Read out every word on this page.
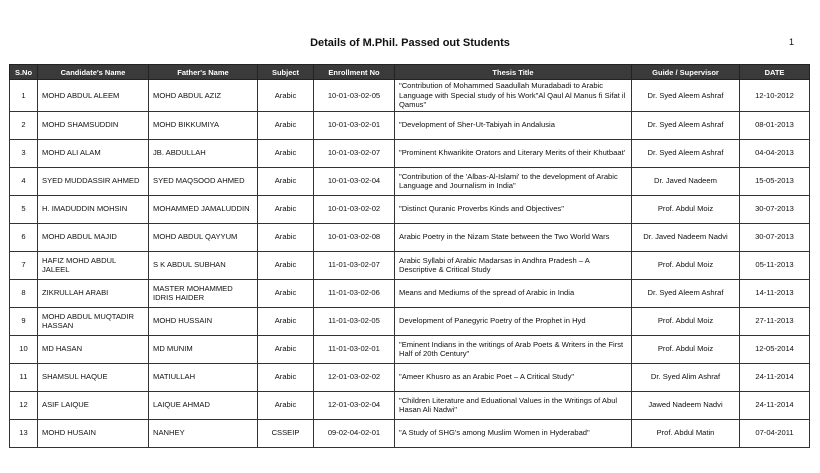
Details of M.Phil. Passed out Students	1
S.No	Candidate's Name	Father's Name	Subject	Enrollment No	Thesis Title	Guide / Supervisor	DATE
1	MOHD ABDUL ALEEM	MOHD ABDUL AZIZ	Arabic	10-01-03-02-05	"Contribution of Mohammed Saadullah Muradabadi to Arabic Language with Special study of his Work"Al Qaul Al Manus fi Sifat il Qamus"	Dr. Syed Aleem Ashraf	12-10-2012
2	MOHD SHAMSUDDIN	MOHD BIKKUMIYA	Arabic	10-01-03-02-01	"Development of Sher-Ut-Tabiyah in Andalusia	Dr. Syed Aleem Ashraf	08-01-2013
3	MOHD ALI ALAM	JB. ABDULLAH	Arabic	10-01-03-02-07	"Prominent Khwarikite Orators and Literary Merits of their Khutbaat'	Dr. Syed Aleem Ashraf	04-04-2013
4	SYED MUDDASSIR AHMED	SYED MAQSOOD AHMED	Arabic	10-01-03-02-04	"Contribution of the 'Albas-Al-Islami' to the development of Arabic Language and Journalism in India"	Dr. Javed Nadeem	15-05-2013
5	H. IMADUDDIN MOHSIN	MOHAMMED JAMALUDDIN	Arabic	10-01-03-02-02	"Distinct Quranic Proverbs Kinds and Objectives"	Prof. Abdul Moiz	30-07-2013
6	MOHD ABDUL MAJID	MOHD ABDUL QAYYUM	Arabic	10-01-03-02-08	Arabic Poetry in the Nizam State between the Two World Wars	Dr. Javed Nadeem Nadvi	30-07-2013
7	HAFIZ MOHD ABDUL JALEEL	S K ABDUL SUBHAN	Arabic	11-01-03-02-07	Arabic Syllabi of Arabic Madarsas in Andhra Pradesh – A Descriptive & Critical Study	Prof. Abdul Moiz	05-11-2013
8	ZIKRULLAH ARABI	MASTER MOHAMMED IDRIS HAIDER	Arabic	11-01-03-02-06	Means and Mediums of the spread of Arabic in India	Dr. Syed Aleem Ashraf	14-11-2013
9	MOHD ABDUL MUQTADIR HASSAN	MOHD HUSSAIN	Arabic	11-01-03-02-05	Development of Panegyric Poetry of the Prophet in Hyd	Prof. Abdul Moiz	27-11-2013
10	MD HASAN	MD MUNIM	Arabic	11-01-03-02-01	"Eminent Indians in the writings of Arab Poets & Writers in the First Half of 20th Century"	Prof. Abdul Moiz	12-05-2014
11	SHAMSUL HAQUE	MATIULLAH	Arabic	12-01-03-02-02	"Ameer Khusro as an Arabic Poet – A Critical Study"	Dr. Syed Alim Ashraf	24-11-2014
12	ASIF LAIQUE	LAIQUE AHMAD	Arabic	12-01-03-02-04	"Children Literature and Eduational Values in the Writings of Abul Hasan Ali Nadwi"	Jawed Nadeem Nadvi	24-11-2014
13	MOHD HUSAIN	NANHEY	CSSEIP	09-02-04-02-01	"A Study of SHG's among Muslim Women in Hyderabad"	Prof. Abdul Matin	07-04-2011
